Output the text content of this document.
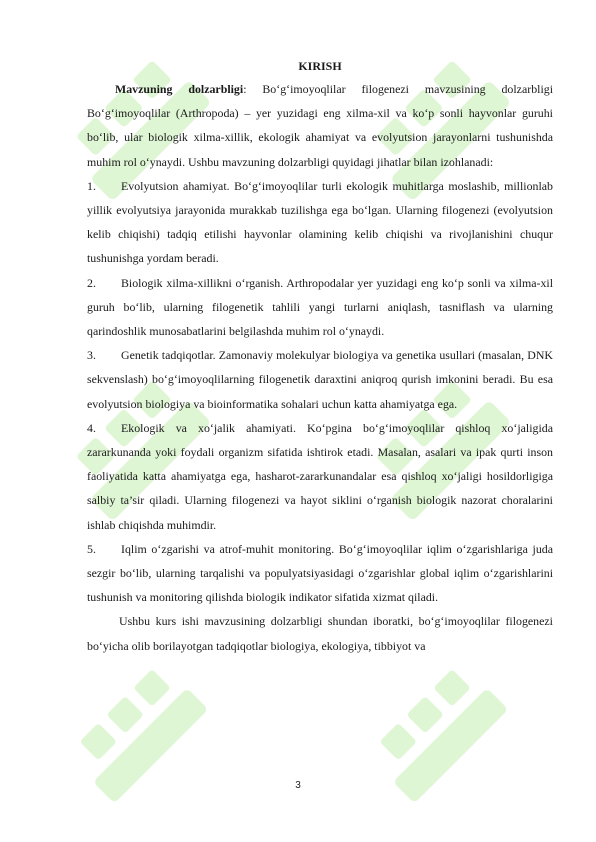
KIRISH

Mavzuning dolzarbligi: Bo‘g‘imoyoqlilar filogenezi mavzusining dolzarbligi Bo‘g‘imoyoqlilar (Arthropoda) – yer yuzidagi eng xilma-xil va ko‘p sonli hayvonlar guruhi bo‘lib, ular biologik xilma-xillik, ekologik ahamiyat va evolyutsion jarayonlarni tushunishda muhim rol o‘ynaydi. Ushbu mavzuning dolzarbligi quyidagi jihatlar bilan izohlanadi:

1. Evolyutsion ahamiyat. Bo‘g‘imoyoqlilar turli ekologik muhitlarga moslashib, millionlab yillik evolyutsiya jarayonida murakkab tuzilishga ega bo‘lgan. Ularning filogenezi (evolyutsion kelib chiqishi) tadqiq etilishi hayvonlar olamining kelib chiqishi va rivojlanishini chuqur tushunishga yordam beradi.

2. Biologik xilma-xillikni o‘rganish. Arthropodalar yer yuzidagi eng ko‘p sonli va xilma-xil guruh bo‘lib, ularning filogenetik tahlili yangi turlarni aniqlash, tasniflash va ularning qarindoshlik munosabatlarini belgilashda muhim rol o‘ynaydi.

3. Genetik tadqiqotlar. Zamonaviy molekulyar biologiya va genetika usullari (masalan, DNK sekvenslash) bo‘g‘imoyoqlilarning filogenetik daraxtini aniqroq qurish imkonini beradi. Bu esa evolyutsion biologiya va bioinformatika sohalari uchun katta ahamiyatga ega.

4. Ekologik va xo‘jalik ahamiyati. Ko‘pgina bo‘g‘imoyoqlilar qishloq xo‘jaligida zararkunanda yoki foydali organizm sifatida ishtirok etadi. Masalan, asalari va ipak qurti inson faoliyatida katta ahamiyatga ega, hasharot-zararkunandalar esa qishloq xo‘jaligi hosildorligiga salbiy ta’sir qiladi. Ularning filogenezi va hayot siklini o‘rganish biologik nazorat choralarini ishlab chiqishda muhimdir.

5. Iqlim o‘zgarishi va atrof-muhit monitoring. Bo‘g‘imoyoqlilar iqlim o‘zgarishlariga juda sezgir bo‘lib, ularning tarqalishi va populyatsiyasidagi o‘zgarishlar global iqlim o‘zgarishlarini tushunish va monitoring qilishda biologik indikator sifatida xizmat qiladi.

Ushbu kurs ishi mavzusining dolzarbligi shundan iboratki, bo‘g‘imoyoqlilar filogenezi bo‘yicha olib borilayotgan tadqiqotlar biologiya, ekologiya, tibbiyot va

3
